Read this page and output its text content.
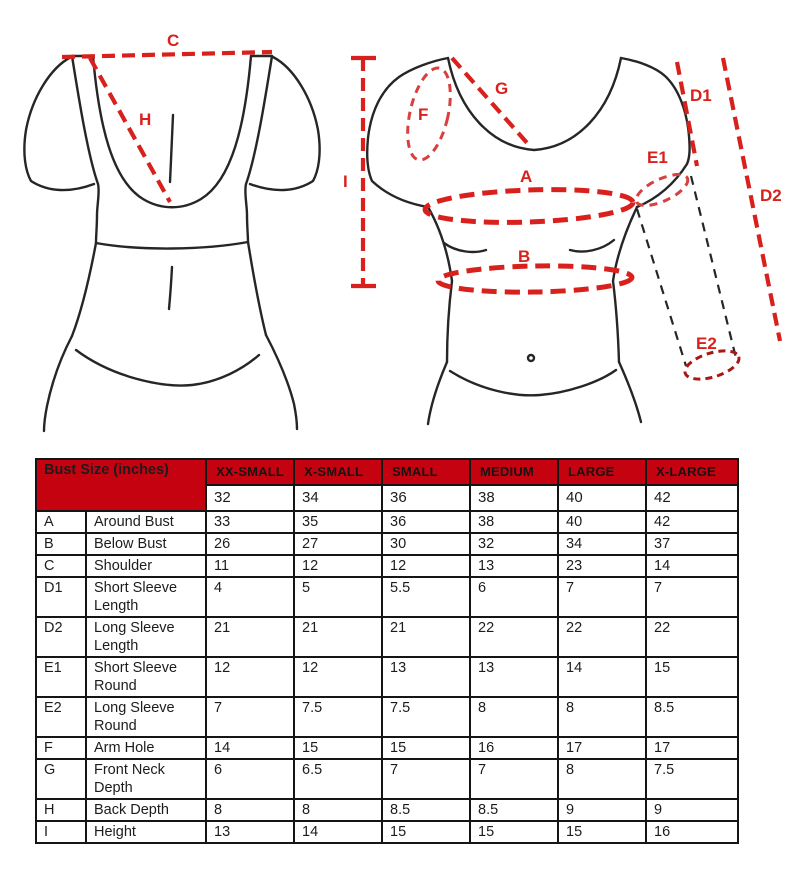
C
H
I
G
F
A
B
E1
E2
D1
D2
Bust Size (inches)		XX-SMALL	X-SMALL	SMALL	MEDIUM	LARGE	X-LARGE
		32	34	36	38	40	42
A	Around Bust	33	35	36	38	40	42
B	Below Bust	26	27	30	32	34	37
C	Shoulder	11	12	12	13	23	14
D1	Short Sleeve Length	4	5	5.5	6	7	7
D2	Long Sleeve Length	21	21	21	22	22	22
E1	Short Sleeve Round	12	12	13	13	14	15
E2	Long Sleeve Round	7	7.5	7.5	8	8	8.5
F	Arm Hole	14	15	15	16	17	17
G	Front Neck Depth	6	6.5	7	7	8	7.5
H	Back Depth	8	8	8.5	8.5	9	9
I	Height	13	14	15	15	15	16
